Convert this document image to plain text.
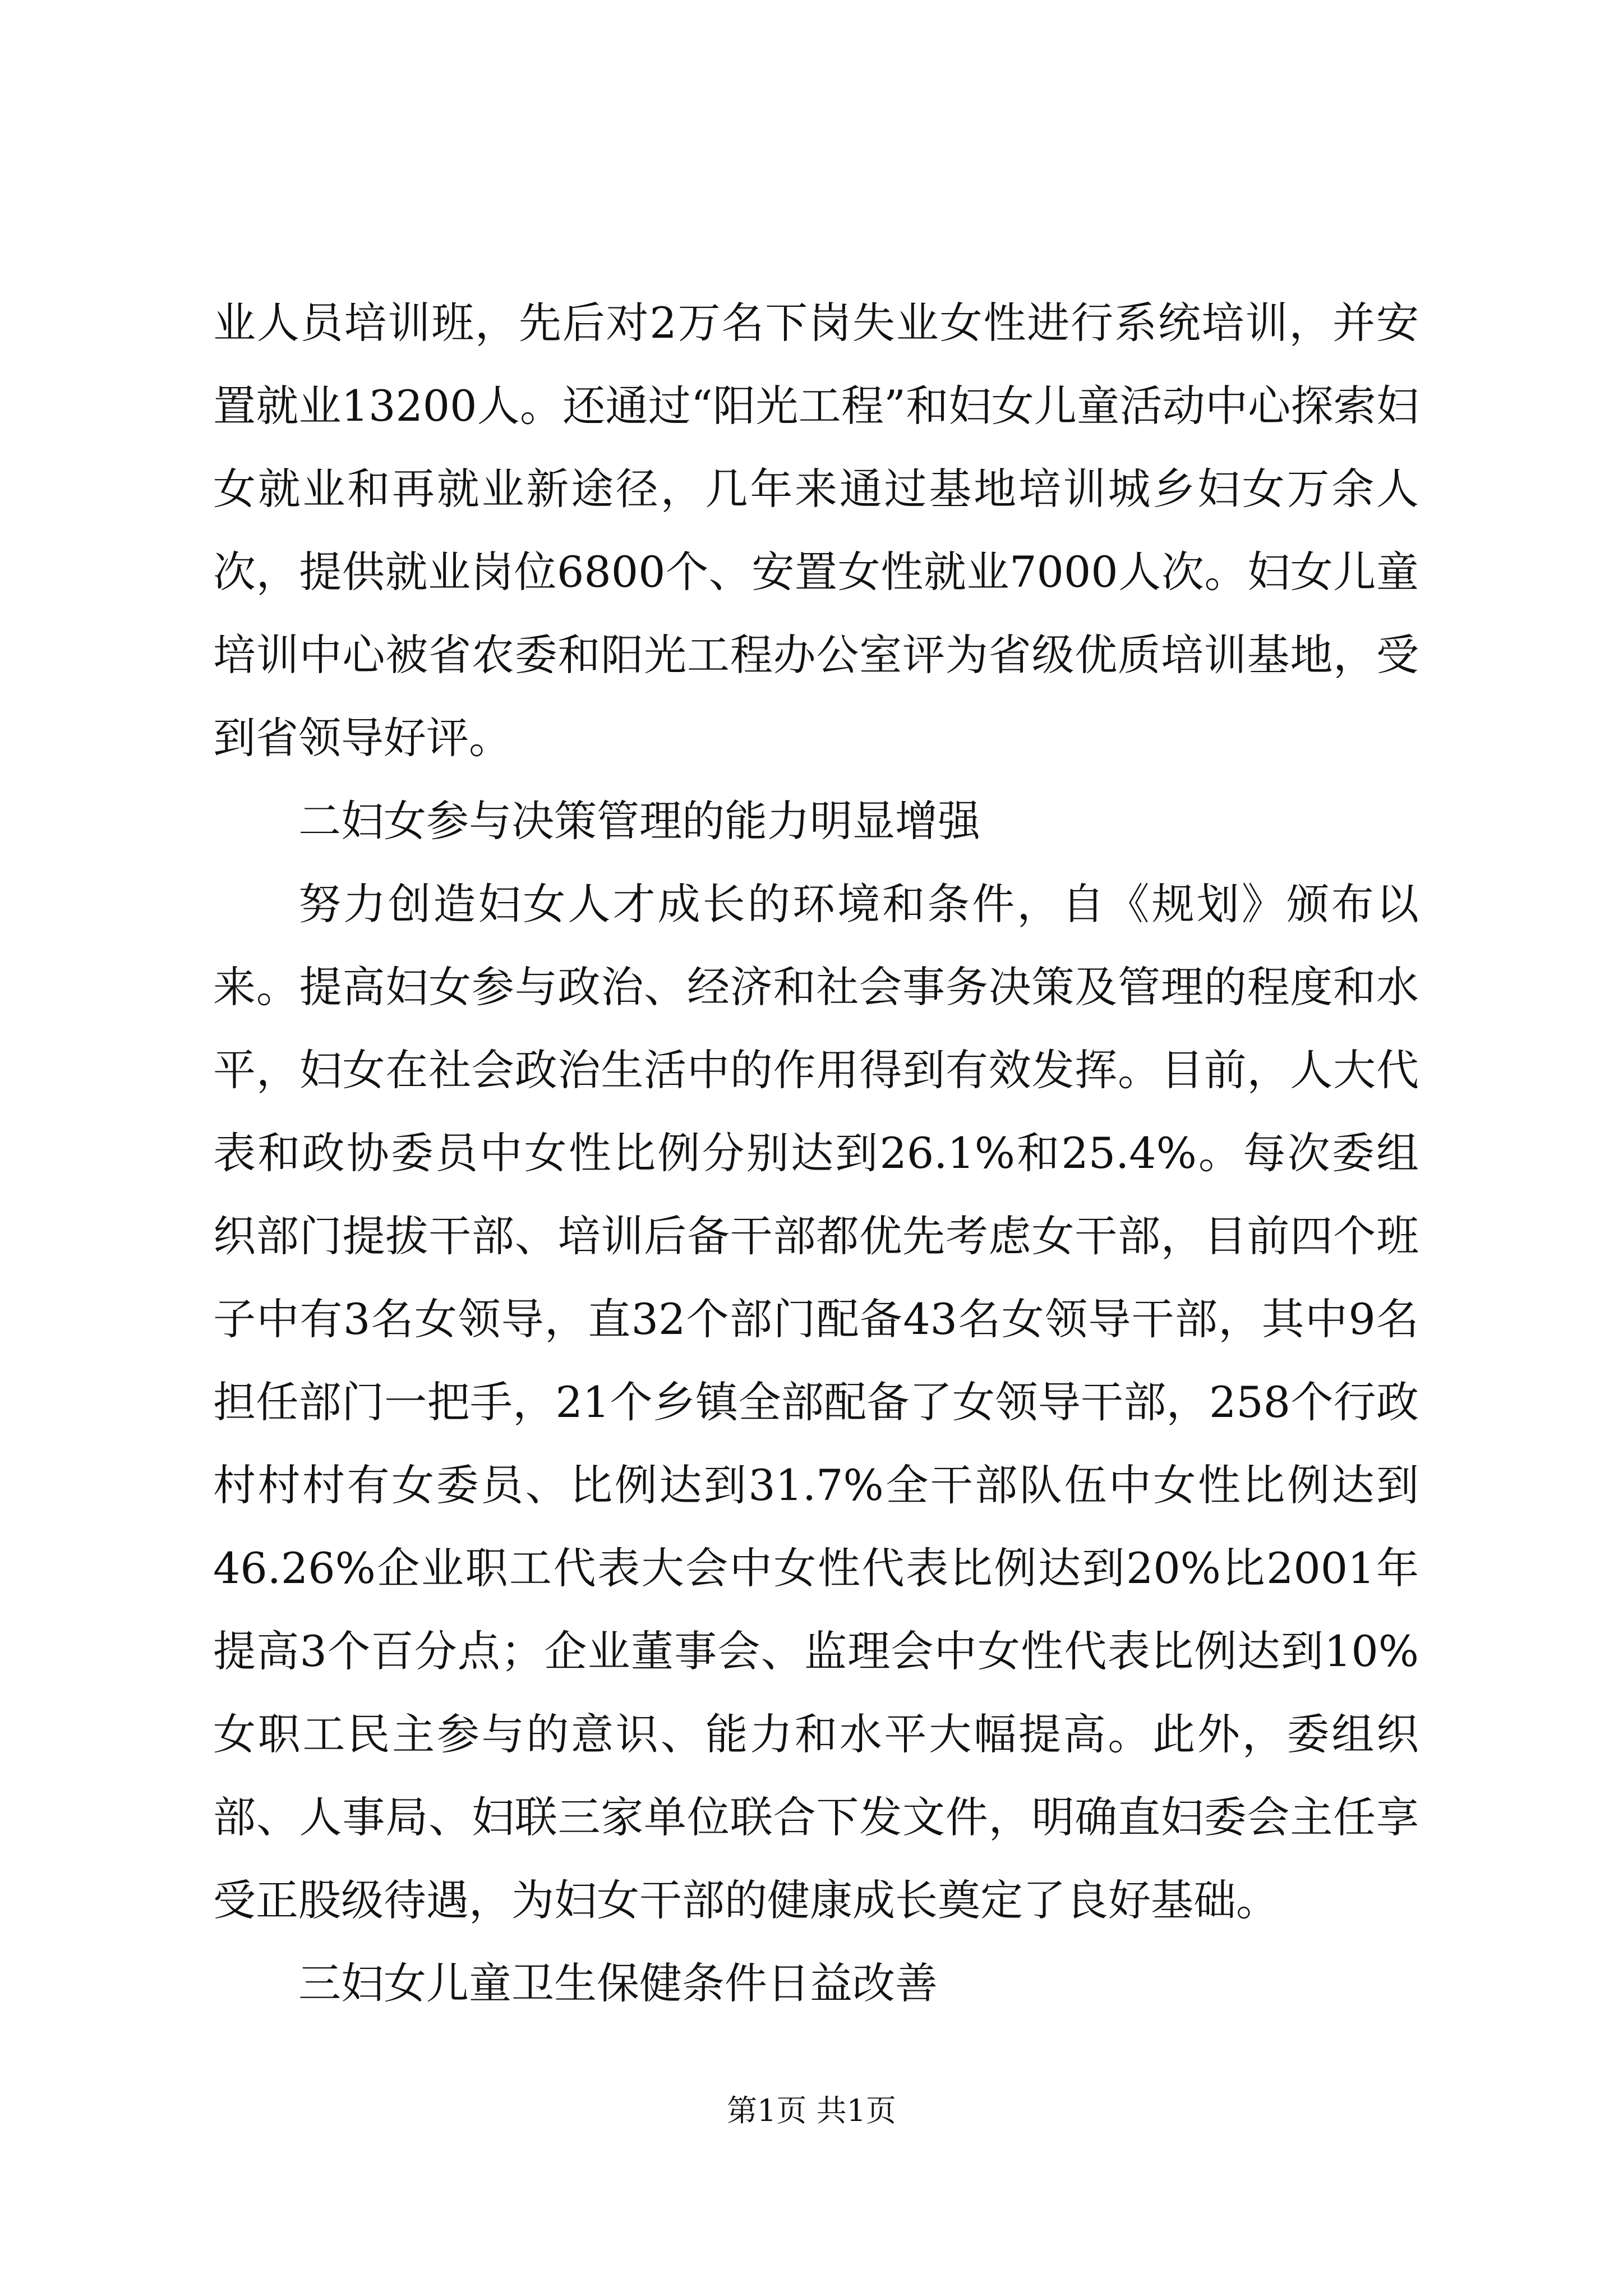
业人员培训班，先后对2万名下岗失业女性进行系统培训，并安置就业13200人。还通过“阳光工程”和妇女儿童活动中心探索妇女就业和再就业新途径，几年来通过基地培训城乡妇女万余人次，提供就业岗位6800个、安置女性就业7000人次。妇女儿童培训中心被省农委和阳光工程办公室评为省级优质培训基地，受到省领导好评。

二妇女参与决策管理的能力明显增强

努力创造妇女人才成长的环境和条件，自《规划》颁布以来。提高妇女参与政治、经济和社会事务决策及管理的程度和水平，妇女在社会政治生活中的作用得到有效发挥。目前，人大代表和政协委员中女性比例分别达到26.1%和25.4%。每次委组织部门提拔干部、培训后备干部都优先考虑女干部，目前四个班子中有3名女领导，直32个部门配备43名女领导干部，其中9名担任部门一把手，21个乡镇全部配备了女领导干部，258个行政村村村有女委员、比例达到31.7%全干部队伍中女性比例达到46.26%企业职工代表大会中女性代表比例达到20%比2001年提高3个百分点；企业董事会、监理会中女性代表比例达到10%女职工民主参与的意识、能力和水平大幅提高。此外，委组织部、人事局、妇联三家单位联合下发文件，明确直妇委会主任享受正股级待遇，为妇女干部的健康成长奠定了良好基础。

三妇女儿童卫生保健条件日益改善

第1页 共1页
